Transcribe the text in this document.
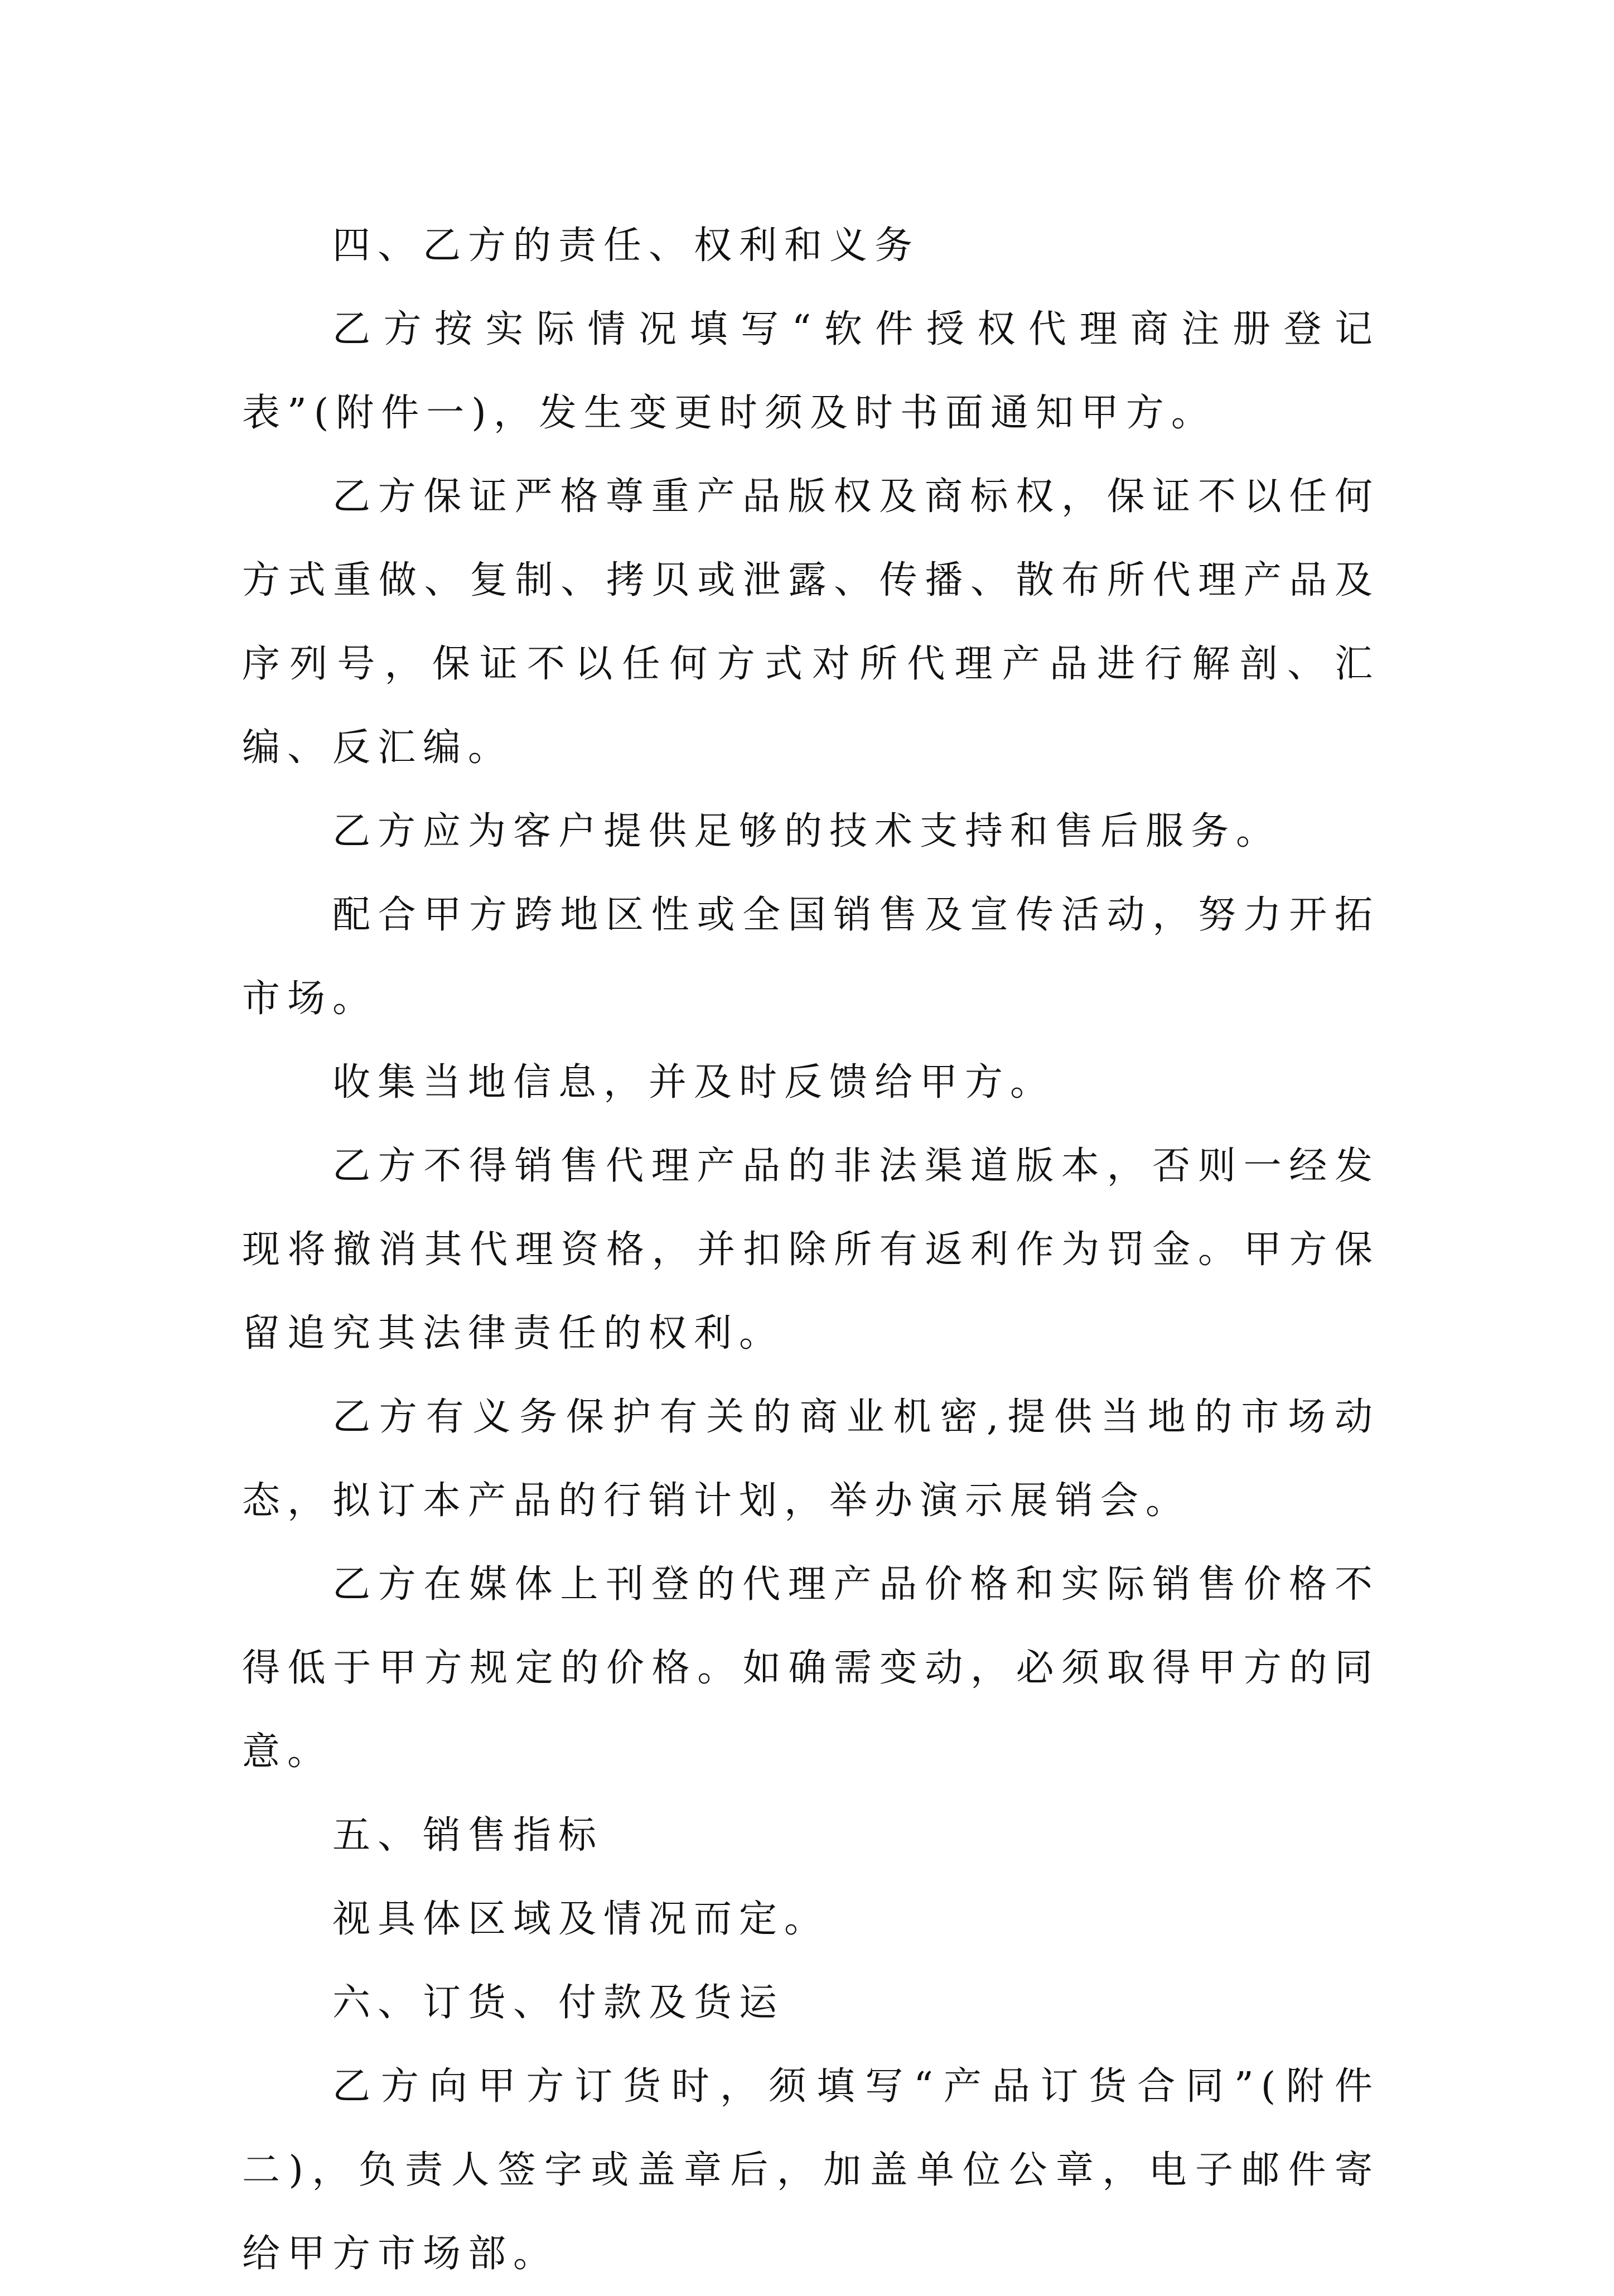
四、乙方的责任、权利和义务

乙方按实际情况填写“软件授权代理商注册登记表”(附件一)，发生变更时须及时书面通知甲方。

乙方保证严格尊重产品版权及商标权，保证不以任何方式重做、复制、拷贝或泄露、传播、散布所代理产品及序列号，保证不以任何方式对所代理产品进行解剖、汇编、反汇编。

乙方应为客户提供足够的技术支持和售后服务。

配合甲方跨地区性或全国销售及宣传活动，努力开拓市场。

收集当地信息，并及时反馈给甲方。

乙方不得销售代理产品的非法渠道版本，否则一经发现将撤消其代理资格，并扣除所有返利作为罚金。甲方保留追究其法律责任的权利。

乙方有义务保护有关的商业机密,提供当地的市场动态，拟订本产品的行销计划，举办演示展销会。

乙方在媒体上刊登的代理产品价格和实际销售价格不得低于甲方规定的价格。如确需变动，必须取得甲方的同意。

五、销售指标

视具体区域及情况而定。

六、订货、付款及货运

乙方向甲方订货时，须填写“产品订货合同”(附件二)，负责人签字或盖章后，加盖单位公章，电子邮件寄给甲方市场部。
